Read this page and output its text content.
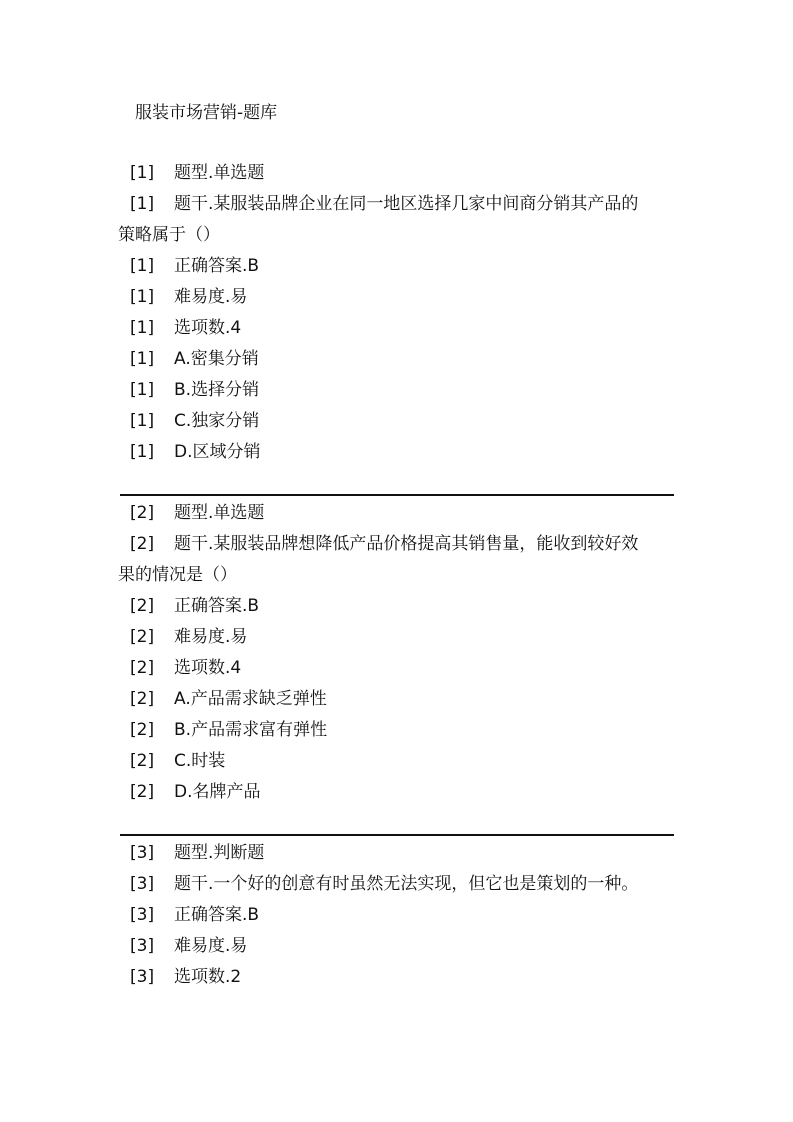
服装市场营销-题库
[1] 题型.单选题
[1] 题干.某服装品牌企业在同一地区选择几家中间商分销其产品的
策略属于（）
[1] 正确答案.B
[1] 难易度.易
[1] 选项数.4
[1] A.密集分销
[1] B.选择分销
[1] C.独家分销
[1] D.区域分销
[2] 题型.单选题
[2] 题干.某服装品牌想降低产品价格提高其销售量，能收到较好效
果的情况是（）
[2] 正确答案.B
[2] 难易度.易
[2] 选项数.4
[2] A.产品需求缺乏弹性
[2] B.产品需求富有弹性
[2] C.时装
[2] D.名牌产品
[3] 题型.判断题
[3] 题干.一个好的创意有时虽然无法实现，但它也是策划的一种。
[3] 正确答案.B
[3] 难易度.易
[3] 选项数.2
